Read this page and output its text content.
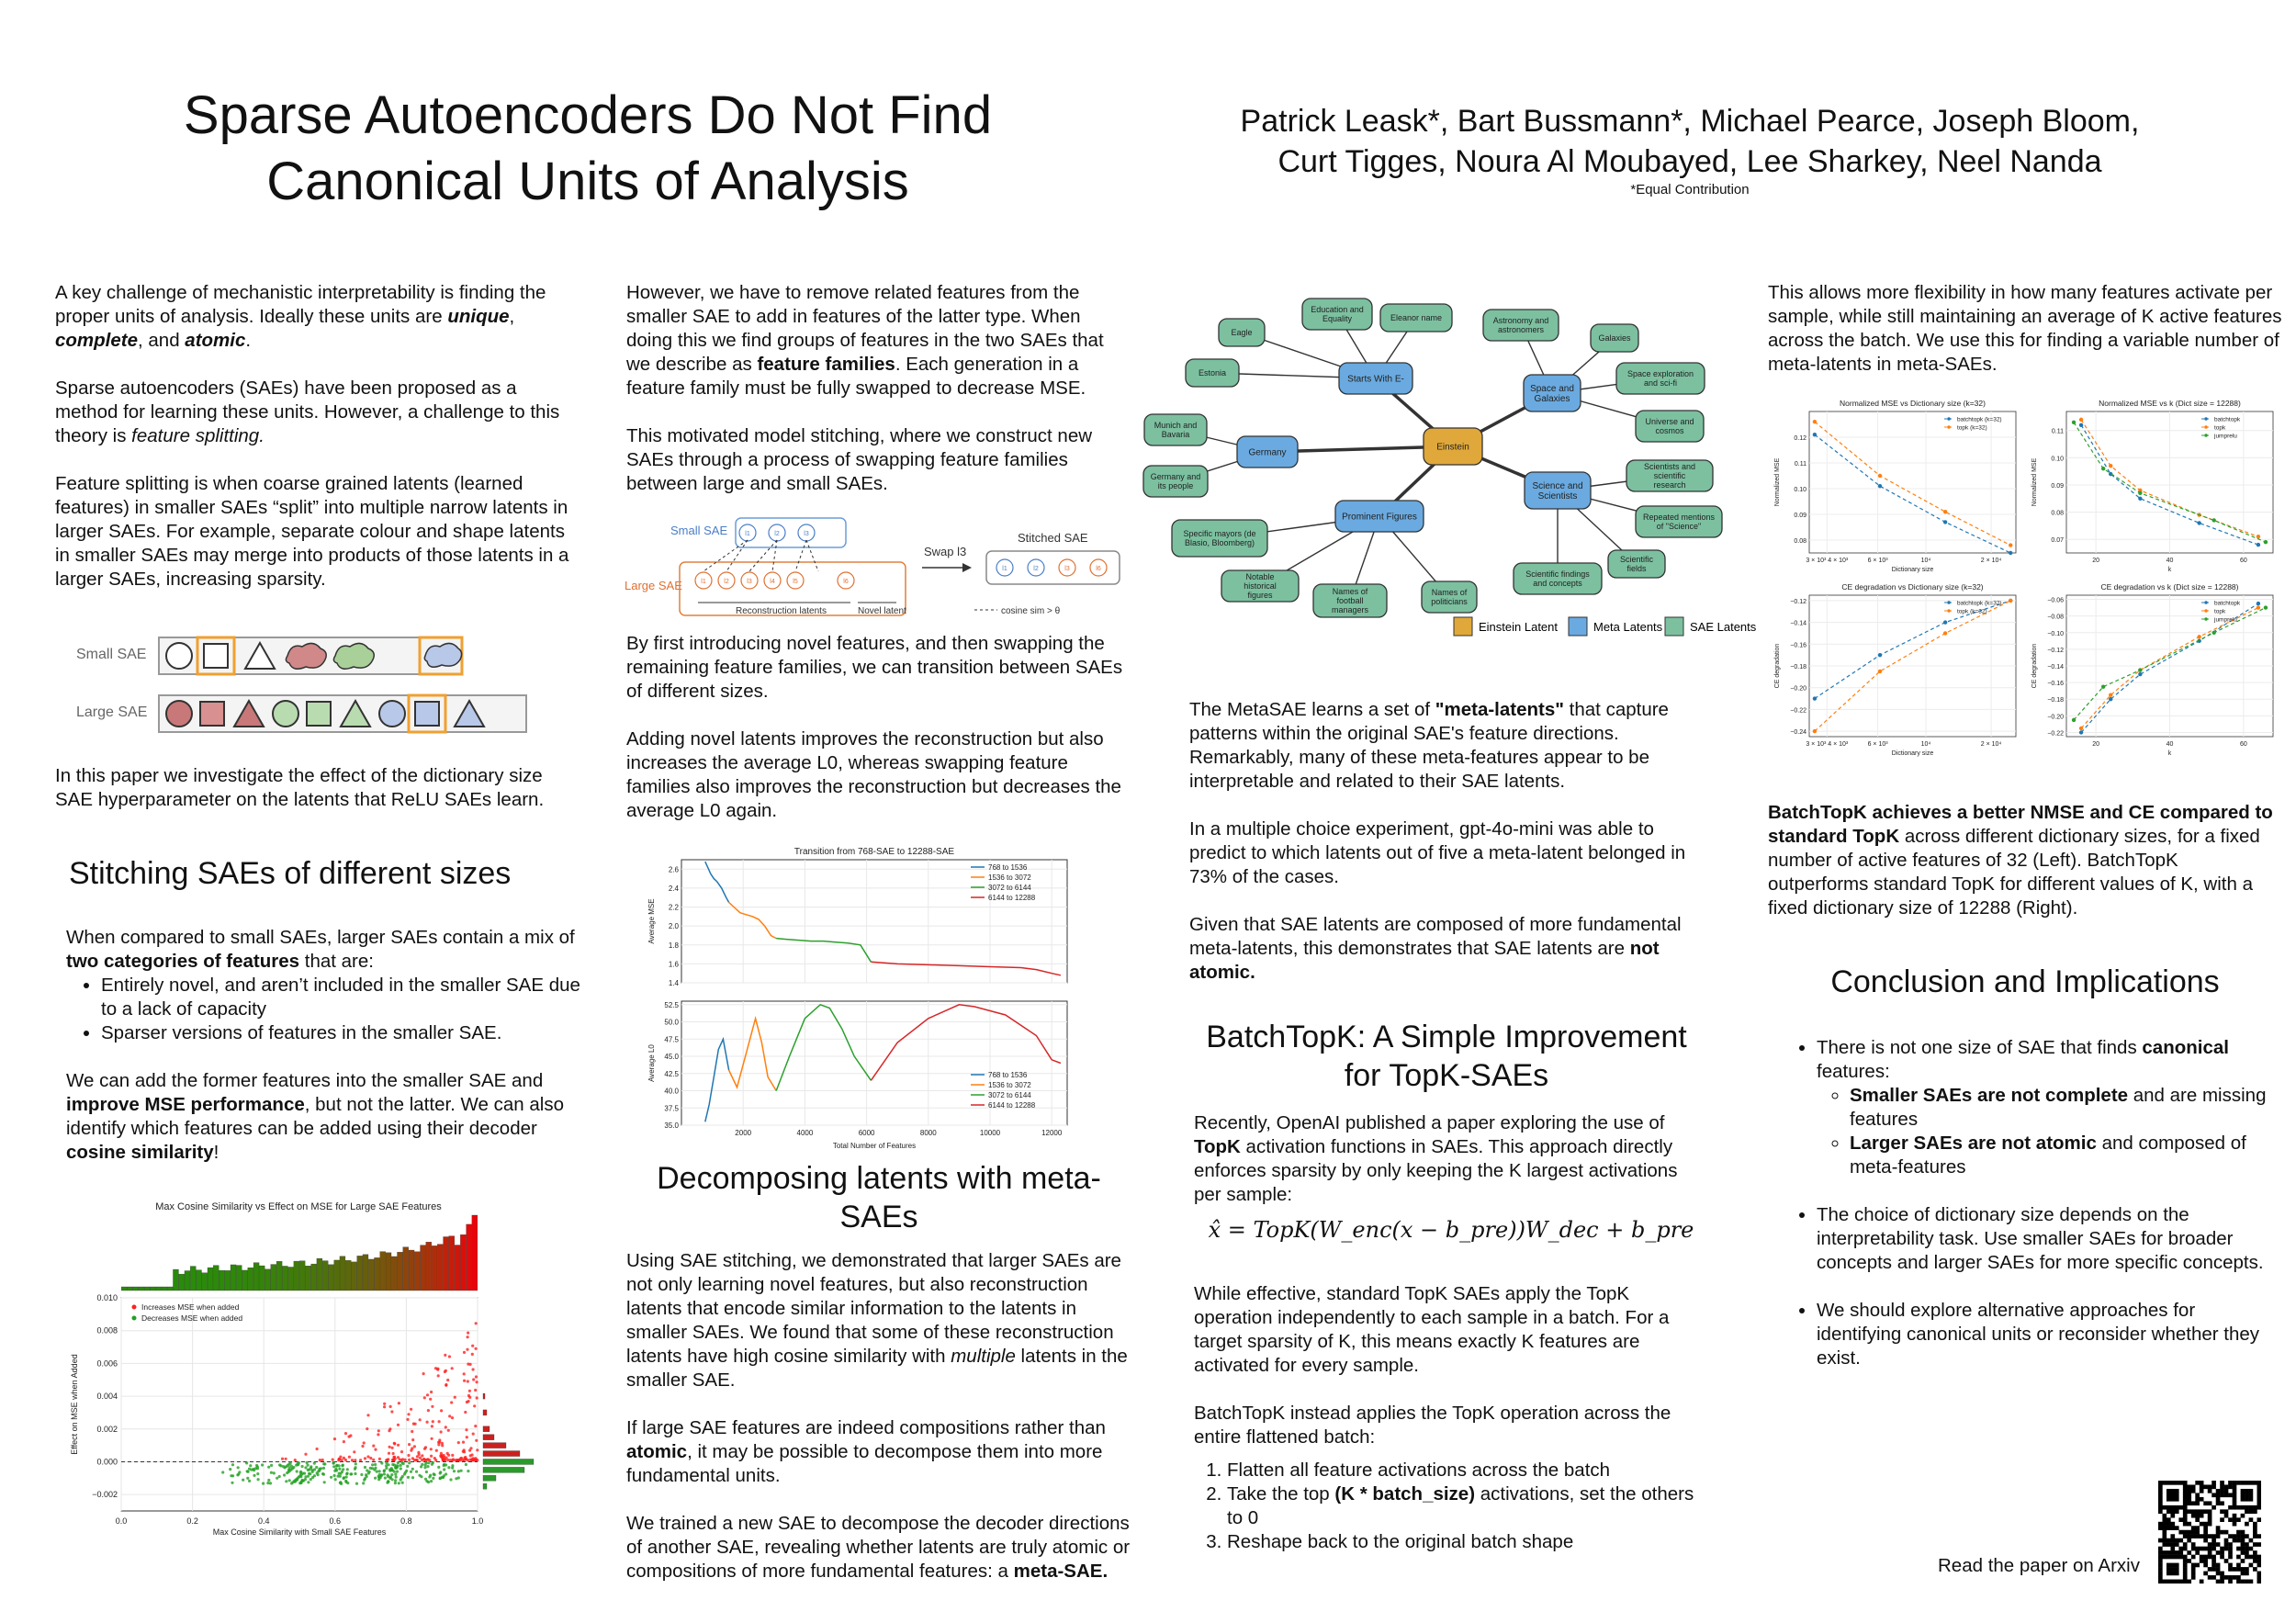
Sparse Autoencoders Do Not Find Canonical Units of Analysis
Patrick Leask*, Bart Bussmann*, Michael Pearce, Joseph Bloom,
Curt Tigges, Noura Al Moubayed, Lee Sharkey, Neel Nanda
*Equal Contribution

A key challenge of mechanistic interpretability is finding the proper units of analysis. Ideally these units are unique, complete, and atomic.

Sparse autoencoders (SAEs) have been proposed as a method for learning these units. However, a challenge to this theory is feature splitting.

Feature splitting is when coarse grained latents (learned features) in smaller SAEs “split” into multiple narrow latents in larger SAEs. For example, separate colour and shape latents in smaller SAEs may merge into products of those latents in a larger SAEs, increasing sparsity.

Small SAE
Large SAE
In this paper we investigate the effect of the dictionary size SAE hyperparameter on the latents that ReLU SAEs learn.
Stitching SAEs of different sizes

When compared to small SAEs, larger SAEs contain a mix of two categories of features that are:

• Entirely novel, and aren’t included in the smaller SAE due to a lack of capacity
• Sparser versions of features in the smaller SAE.

We can add the former features into the smaller SAE and improve MSE performance, but not the latter. We can also identify which features can be added using their decoder cosine similarity!

Max Cosine Similarity vs Effect on MSE for Large SAE Features
0.0	0.2	0.4	0.6	0.8	1.0
0.010
0.008
0.006
0.004
0.002
0.000
−0.002
Increases MSE when added
Decreases MSE when added
Max Cosine Similarity with Small SAE Features
Effect on MSE when Added

However, we have to remove related features from the smaller SAE to add in features of the latter type. When doing this we find groups of features in the two SAEs that we describe as feature families. Each generation in a feature family must be fully swapped to decrease MSE.

This motivated model stitching, where we construct new SAEs through a process of swapping feature families between large and small SAEs.

Small SAE	l1	l2	l3
Large SAE	l1	l2	l3	l4	l5	l6
Reconstruction latents	Novel latent
Swap l3
Stitched SAE
l1	l2	l3	l6
cosine sim > θ

By first introducing novel features, and then swapping the remaining feature families, we can transition between SAEs of different sizes.

Adding novel latents improves the reconstruction but also increases the average L0, whereas swapping feature families also improves the reconstruction but decreases the average L0 again.

Transition from 768-SAE to 12288-SAE
2.6
2.4
2.2
2.0
1.8
1.6
1.4
768 to 1536
1536 to 3072
3072 to 6144
6144 to 12288
Average MSE
52.5
50.0
47.5
45.0
42.5
40.0
37.5
35.0
768 to 1536
1536 to 3072
3072 to 6144
6144 to 12288
Average L0
2000	4000	6000	8000	10000	12000
Total Number of Features
Decomposing latents with meta-SAEs

Using SAE stitching, we demonstrated that larger SAEs are not only learning novel features, but also reconstruction latents that encode similar information to the latents in smaller SAEs. We found that some of these reconstruction latents have high cosine similarity with multiple latents in the smaller SAE.

If large SAE features are indeed compositions rather than atomic, it may be possible to decompose them into more fundamental units.

We trained a new SAE to decompose the decoder directions of another SAE, revealing whether latents are truly atomic or compositions of more fundamental features: a meta-SAE.

Einstein
Starts With E-
Germany
Prominent Figures
Space and
Galaxies
Science and
Scientists
Education and
Equality	Eleanor name
Eagle
Estonia
Munich and
Bavaria
Germany and
its people
Specific mayors (de
Blasio, Bloomberg)
Notable
historical
figures	Names of
football
managers
Names of
politicians
Astronomy and
astronomers
Galaxies
Space exploration
and sci-fi
Universe and
cosmos
Scientists and
scientific
research
Repeated mentions
of "Science"
Scientific
fields
Scientific findings
and concepts
Einstein Latent	Meta Latents SAE Latents

The MetaSAE learns a set of "meta-latents" that capture patterns within the original SAE's feature directions. Remarkably, many of these meta-features appear to be interpretable and related to their SAE latents.

In a multiple choice experiment, gpt-4o-mini was able to predict to which latents out of five a meta-latent belonged in 73% of the cases.

Given that SAE latents are composed of more fundamental meta-latents, this demonstrates that SAE latents are not atomic.

BatchTopK: A Simple Improvement for TopK-SAEs

Recently, OpenAI published a paper exploring the use of TopK activation functions in SAEs. This approach directly enforces sparsity by only keeping the K largest activations per sample:

x̂ = TopK(W_enc(x − b_pre))W_dec + b_pre

While effective, standard TopK SAEs apply the TopK operation independently to each sample in a batch. For a target sparsity of K, this means exactly K features are activated for every sample.

BatchTopK instead applies the TopK operation across the entire flattened batch:

1. Flatten all feature activations across the batch
2. Take the top (K * batch_size) activations, set the others to 0
3. Reshape back to the original batch shape
This allows more flexibility in how many features activate per sample, while still maintaining an average of K active features across the batch. We use this for finding a variable number of meta-latents in meta-SAEs.
Normalized MSE vs Dictionary size (k=32)
0.12
0.11
0.10
0.09
0.08
3 × 10³ 4 × 10³	6 × 10³	10⁴	2 × 10⁴
Dictionary size
Normalized MSE
batchtopk (k=32)
topk (k=32)
Normalized MSE vs k (Dict size = 12288)
0.11
0.10
0.09
0.08
0.07
20	40	60
k
Normalized MSE
batchtopk
topk
jumprelu
CE degradation vs Dictionary size (k=32)
−0.12
−0.14
−0.16
−0.18
−0.20
−0.22
−0.24
3 × 10³ 4 × 10³	6 × 10³	10⁴	2 × 10⁴
Dictionary size
CE degradation
batchtopk (k=32)
topk (k=32)
CE degradation vs k (Dict size = 12288)
−0.06
−0.08
−0.10
−0.12
−0.14
−0.16
−0.18
−0.20
−0.22
20	40	60
k
CE degradation
batchtopk
topk
jumprelu
BatchTopK achieves a better NMSE and CE compared to standard TopK across different dictionary sizes, for a fixed number of active features of 32 (Left). BatchTopK outperforms standard TopK for different values of K, with a fixed dictionary size of 12288 (Right).
Conclusion and Implications
• There is not one size of SAE that finds canonical features:
◦ Smaller SAEs are not complete and are missing features
◦ Larger SAEs are not atomic and composed of meta-features
• The choice of dictionary size depends on the interpretability task. Use smaller SAEs for broader concepts and larger SAEs for more specific concepts.
• We should explore alternative approaches for identifying canonical units or reconsider whether they exist.
Read the paper on Arxiv
